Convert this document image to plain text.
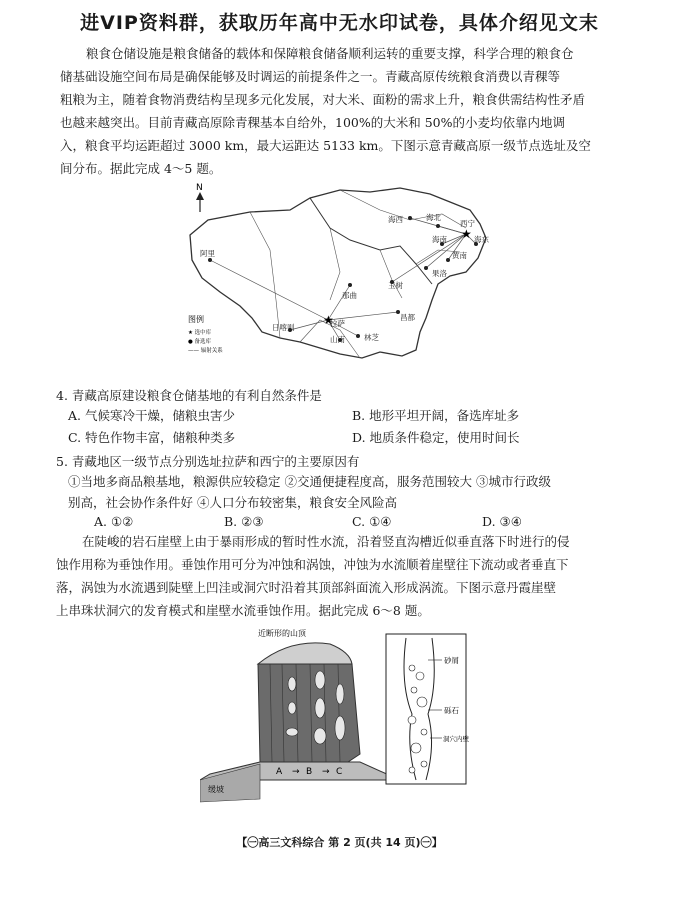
进VIP资料群，获取历年高中无水印试卷，具体介绍见文末
粮食仓储设施是粮食储备的载体和保障粮食储备顺利运转的重要支撑，科学合理的粮食仓
储基础设施空间布局是确保能够及时调运的前提条件之一。青藏高原传统粮食消费以青稞等
粗粮为主，随着食物消费结构呈现多元化发展，对大米、面粉的需求上升，粮食供需结构性矛盾
也越来越突出。目前青藏高原除青稞基本自给外，100%的大米和 50%的小麦均依靠内地调
入，粮食平均运距超过 3000 km，最大运距达 5133 km。下图示意青藏高原一级节点选址及空
间分布。据此完成 4～5 题。
N
★
★
海西	海北
西宁
海南	海东
黄南
果洛
玉树
阿里
那曲
昌都
拉萨
日喀则
山南	林芝
图例
★ 选中库
● 备选库
—— 辐射关系
4. 青藏高原建设粮食仓储基地的有利自然条件是
A. 气候寒冷干燥，储粮虫害少	B. 地形平坦开阔，备选库址多
C. 特色作物丰富，储粮种类多	D. 地质条件稳定，使用时间长
5. 青藏地区一级节点分别选址拉萨和西宁的主要原因有
①当地多商品粮基地，粮源供应较稳定 ②交通便捷程度高，服务范围较大 ③城市行政级
别高，社会协作条件好 ④人口分布较密集，粮食安全风险高
A. ①②	B. ②③	C. ①④	D. ③④
在陡峻的岩石崖壁上由于暴雨形成的暂时性水流，沿着竖直沟槽近似垂直落下时进行的侵
蚀作用称为垂蚀作用。垂蚀作用可分为冲蚀和涡蚀，冲蚀为水流顺着崖壁往下流动或者垂直下
落，涡蚀为水流遇到陡壁上凹洼或洞穴时沿着其顶部斜面流入形成涡流。下图示意丹霞崖壁
上串珠状洞穴的发育模式和崖壁水流垂蚀作用。据此完成 6～8 题。
近断形的山顶
缓坡
A → B → C
砂屑
砾石
洞穴内壁
【㊀高三文科综合 第 2 页(共 14 页)㊀】
